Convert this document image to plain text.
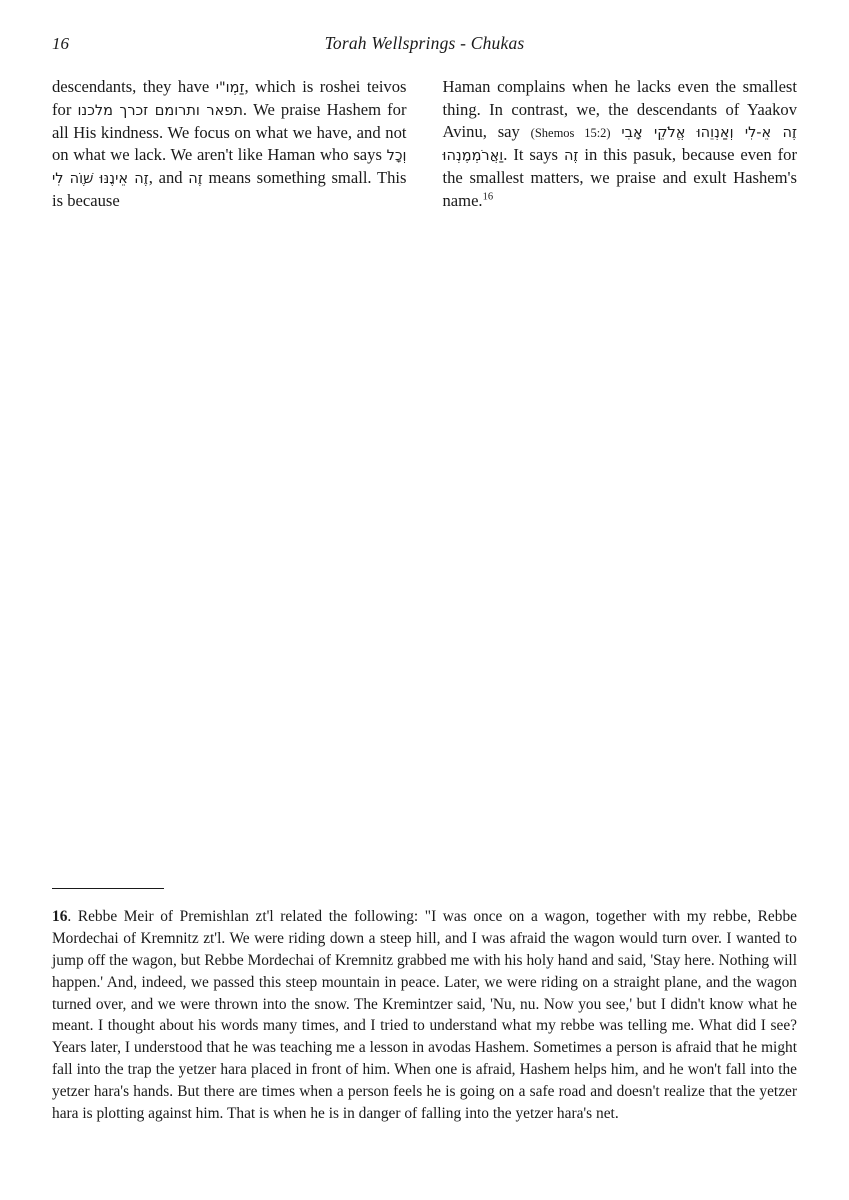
16	Torah Wellsprings - Chukas

descendants, they have זַמְו"י, which is roshei teivos for תפאר ותרומם זכרך מלכנו. We praise Hashem for all His kindness. We focus on what we have, and not on what we lack. We aren't like Haman who says וְכָל זֶה אֵינֶנּוּ שׁוֶֹה לִי, and זֶה means something small. This is because

Haman complains when he lacks even the smallest thing. In contrast, we, the descendants of Yaakov Avinu, say (Shemos 15:2) זֶה אֵ-לִי וְאַנְוֵהוּ אֱלֹקֵי אָבִי וַאֲרֹמְמֶנְהוּ. It says זֶה in this pasuk, because even for the smallest matters, we praise and exult Hashem's name.$^{16}$

16. Rebbe Meir of Premishlan zt'l related the following: "I was once on a wagon, together with my rebbe, Rebbe Mordechai of Kremnitz zt'l. We were riding down a steep hill, and I was afraid the wagon would turn over. I wanted to jump off the wagon, but Rebbe Mordechai of Kremnitz grabbed me with his holy hand and said, 'Stay here. Nothing will happen.' And, indeed, we passed this steep mountain in peace. Later, we were riding on a straight plane, and the wagon turned over, and we were thrown into the snow. The Kremintzer said, 'Nu, nu. Now you see,' but I didn't know what he meant. I thought about his words many times, and I tried to understand what my rebbe was telling me. What did I see? Years later, I understood that he was teaching me a lesson in avodas Hashem. Sometimes a person is afraid that he might fall into the trap the yetzer hara placed in front of him. When one is afraid, Hashem helps him, and he won't fall into the yetzer hara's hands. But there are times when a person feels he is going on a safe road and doesn't realize that the yetzer hara is plotting against him. That is when he is in danger of falling into the yetzer hara's net.
